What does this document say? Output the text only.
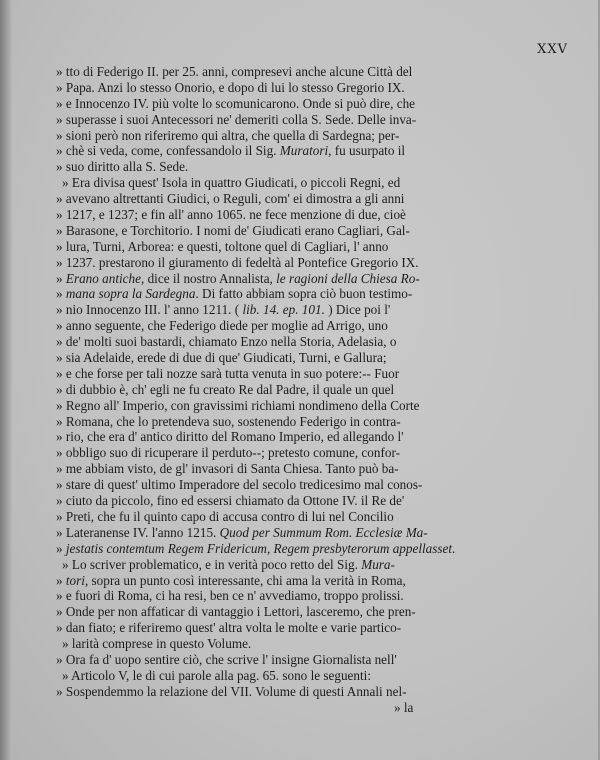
XXV
» tto di Federigo II. per 25. anni, compresevi anche alcune Città del
» Papa. Anzi lo stesso Onorio, e dopo di lui lo stesso Gregorio IX.
» e Innocenzo IV. più volte lo scomunicarono. Onde si può dire, che
» superasse i suoi Antecessori ne' demeriti colla S. Sede. Delle inva-
» sioni però non riferiremo qui altra, che quella di Sardegna; per-
» chè si veda, come, confessandolo il Sig. Muratori, fu usurpato il
» suo diritto alla S. Sede.
» Era divisa quest' Isola in quattro Giudicati, o piccoli Regni, ed
» avevano altrettanti Giudici, o Reguli, com' ei dimostra a gli anni
» 1217, e 1237; e fin all' anno 1065. ne fece menzione di due, cioè
» Barasone, e Torchitorio. I nomi de' Giudicati erano Cagliari, Gal-
» lura, Turni, Arborea: e questi, toltone quel di Cagliari, l' anno
» 1237. prestarono il giuramento di fedeltà al Pontefice Gregorio IX.
» Erano antiche, dice il nostro Annalista, le ragioni della Chiesa Ro-
» mana sopra la Sardegna. Di fatto abbiam sopra ciò buon testimo-
» nio Innocenzo III. l' anno 1211. ( lib. 14. ep. 101. ) Dice poi l'
» anno seguente, che Federigo diede per moglie ad Arrigo, uno
» de' molti suoi bastardi, chiamato Enzo nella Storia, Adelasia, o
» sia Adelaide, erede di due di que' Giudicati, Turni, e Gallura;
» e che forse per tali nozze sarà tutta venuta in suo potere:-- Fuor
» di dubbio è, ch' egli ne fu creato Re dal Padre, il quale un quel
» Regno all' Imperio, con gravissimi richiami nondimeno della Corte
» Romana, che lo pretendeva suo, sostenendo Federigo in contra-
» rio, che era d' antico diritto del Romano Imperio, ed allegando l'
» obbligo suo di ricuperare il perduto--; pretesto comune, confor-
» me abbiam visto, de gl' invasori di Santa Chiesa. Tanto può ba-
» stare di quest' ultimo Imperadore del secolo tredicesimo mal conos-
» ciuto da piccolo, fino ed essersi chiamato da Ottone IV. il Re de'
» Preti, che fu il quinto capo di accusa contro di lui nel Concilio
» Lateranense IV. l'anno 1215. Quod per Summum Rom. Ecclesiæ Ma-
» jestatis contemtum Regem Fridericum, Regem presbyterorum appellasset.
» Lo scriver problematico, e in verità poco retto del Sig. Mura-
» tori, sopra un punto così interessante, chi ama la verità in Roma,
» e fuori di Roma, ci ha resi, ben ce n' avvediamo, troppo prolissi.
» Onde per non affaticar di vantaggio i Lettori, lasceremo, che pren-
» dan fiato; e riferiremo quest' altra volta le molte e varie partico-
» larità comprese in questo Volume.
» Ora fa d' uopo sentire ciò, che scrive l' insigne Giornalista nell'
» Articolo V, le di cui parole alla pag. 65. sono le seguenti:
» Sospendemmo la relazione del VII. Volume di questi Annali nel-
» la
